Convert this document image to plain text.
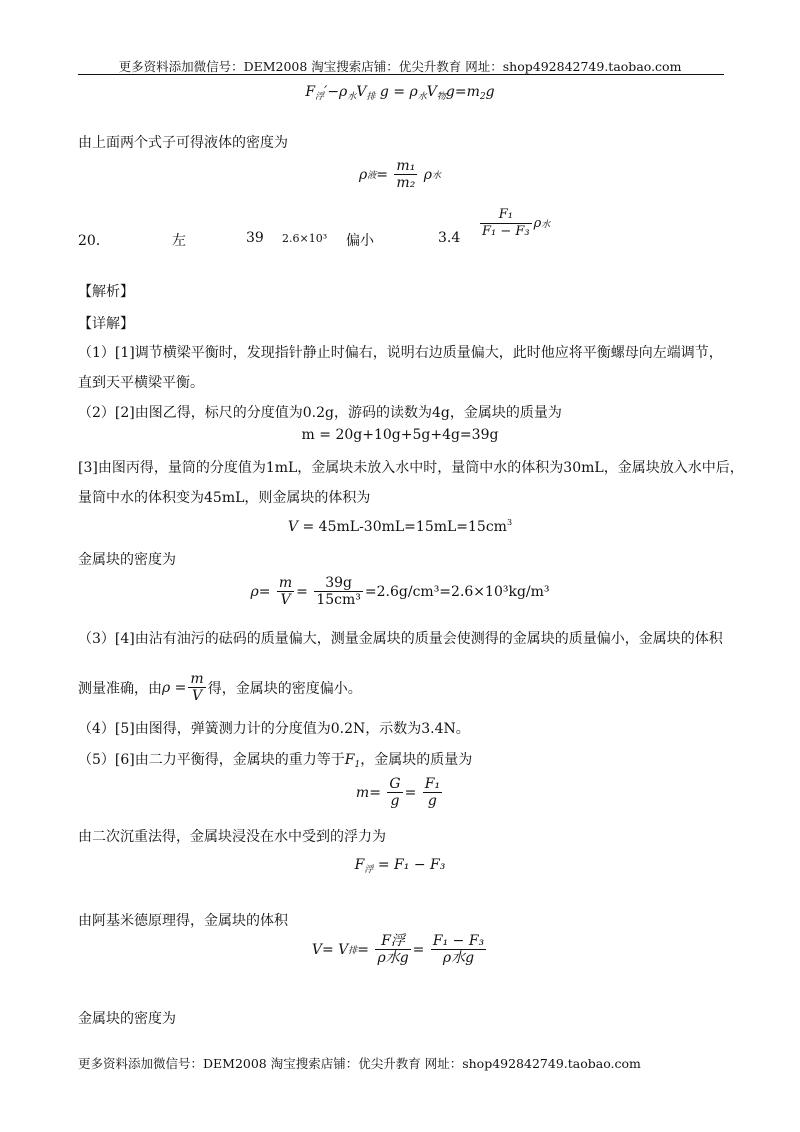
更多资料添加微信号：DEM2008 淘宝搜索店铺：优尖升教育 网址：shop492842749.taobao.com
$F_浮'-\rho_水V_排$ $g = \rho_水V_物g=m_2g$
由上面两个式子可得液体的密度为
ρ液= $\frac{\text{m₁}}{\text{m₂}}$ ρ水
20．	左	39 2.6×10³ 偏小	$3.4 \frac{\text{F₁}}{\text{F₁ − F₃}}$ ρ水
【解析】
【详解】
（1）[1]调节横梁平衡时，发现指针静止时偏右，说明右边质量偏大，此时他应将平衡螺母向左端调节，
直到天平横梁平衡。
（2）[2]由图乙得，标尺的分度值为0.2g，游码的读数为4g，金属块的质量为
m = 20g+10g+5g+4g=39g
[3]由图丙得，量筒的分度值为1mL，金属块未放入水中时，量筒中水的体积为30mL，金属块放入水中后，
量筒中水的体积变为45mL，则金属块的体积为
$V = 45mL-30mL=15mL=15cm^3$
金属块的密度为
$\rho= \frac{m}{V} = \frac{39g}{\text{15cm³}} =2.6g/cm^3=2.6\times 10^3kg/m^3$
（3）[4]由沾有油污的砝码的质量偏大，测量金属块的质量会使测得的金属块的质量偏小，金属块的体积
测量准确，由$\rho = \frac{m}{V}$ 得，金属块的密度偏小。
（4）[5]由图得，弹簧测力计的分度值为0.2N，示数为3.4N。
（5）[6]由二力平衡得，金属块的重力等于$F_1$，金属块的质量为
$m= \frac{G}{g} = \frac{\text{F₁}}{g}$
由二次沉重法得，金属块浸没在水中受到的浮力为
$F_浮 = F_1 - F_3$
由阿基米德原理得，金属块的体积
V= V排= $\frac{\text{F浮}}{\text{ρ水g}} = \frac{\text{F₁ − F₃}}{\text{ρ水g}}$
金属块的密度为
更多资料添加微信号：DEM2008 淘宝搜索店铺：优尖升教育 网址：shop492842749.taobao.com
